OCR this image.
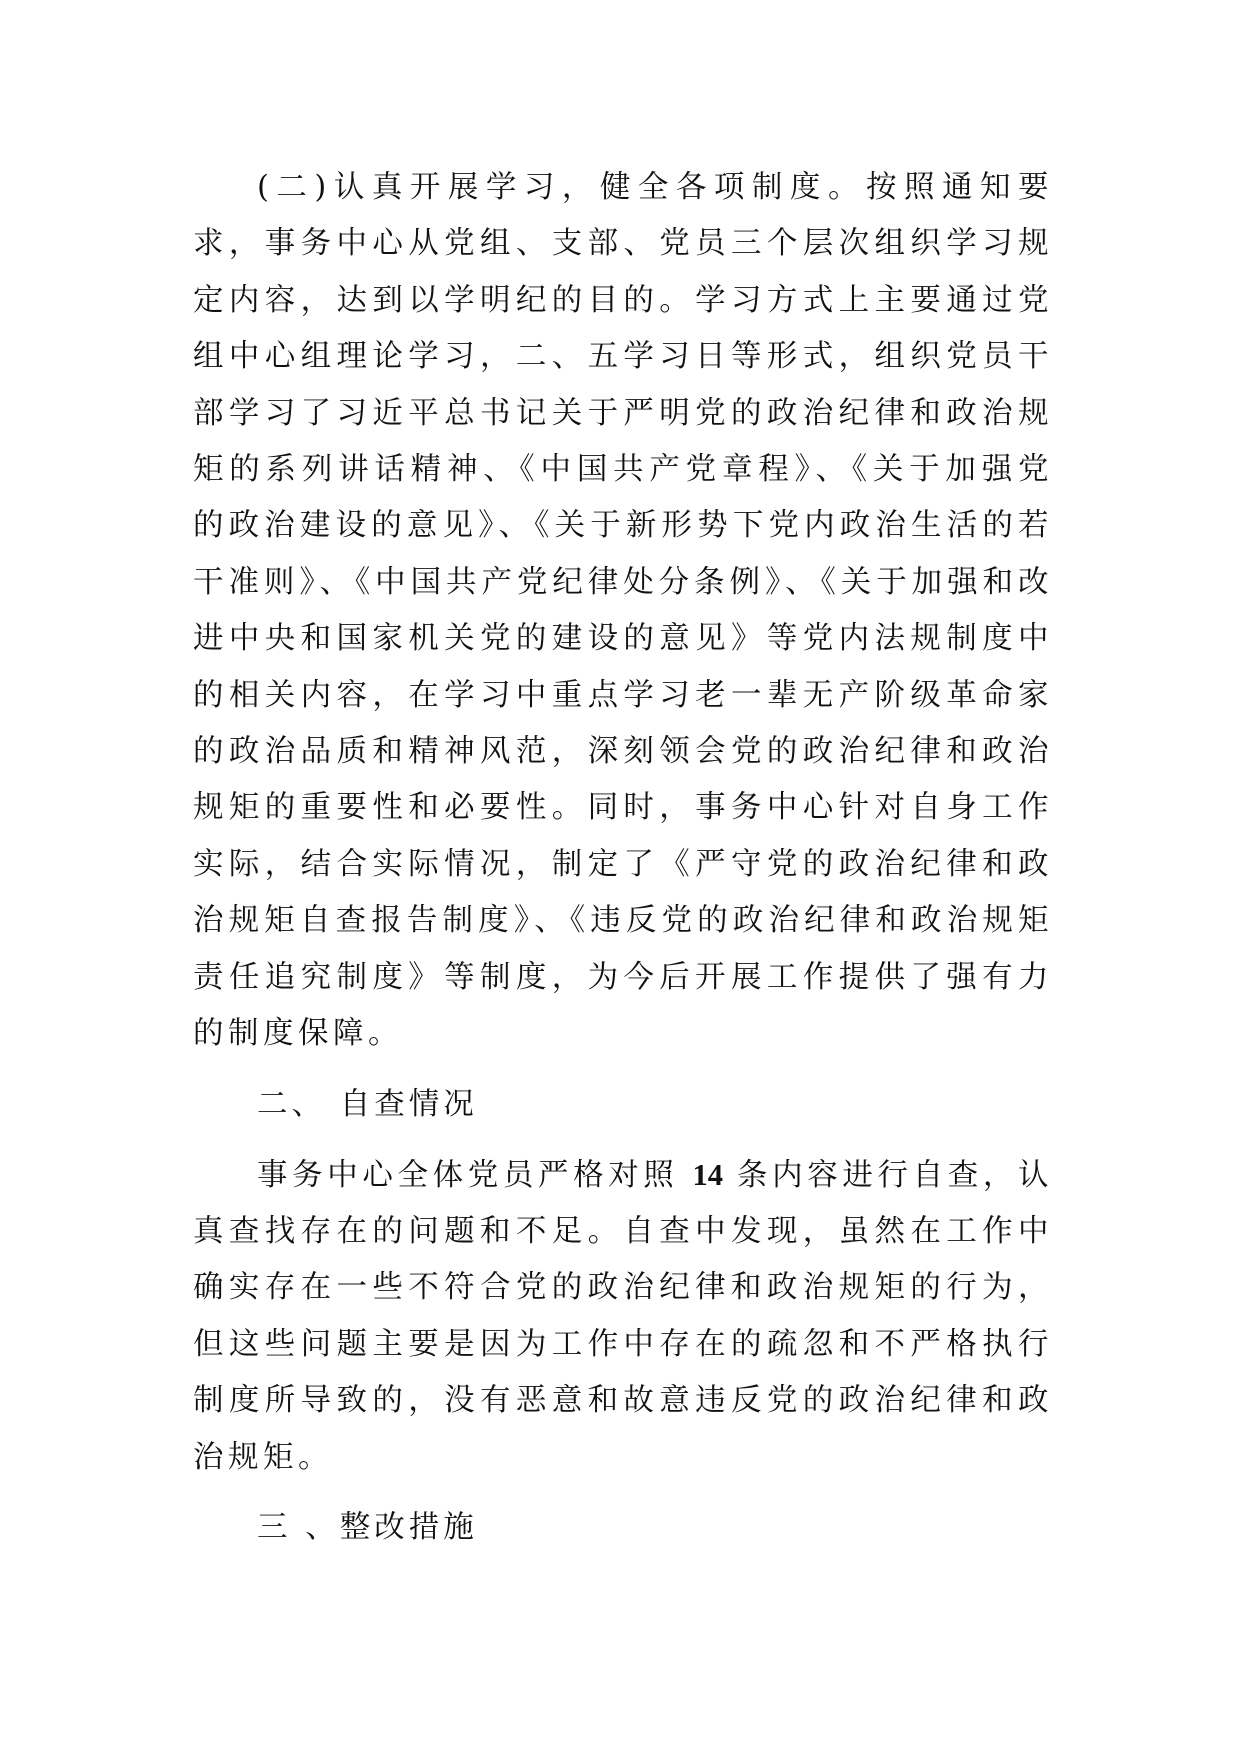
(二)认真开展学习，健全各项制度。按照通知要求，事务中心从党组、支部、党员三个层次组织学习规定内容，达到以学明纪的目的。学习方式上主要通过党组中心组理论学习，二、五学习日等形式，组织党员干部学习了习近平总书记关于严明党的政治纪律和政治规矩的系列讲话精神、《中国共产党章程》、《关于加强党的政治建设的意见》、《关于新形势下党内政治生活的若干准则》、《中国共产党纪律处分条例》、《关于加强和改进中央和国家机关党的建设的意见》等党内法规制度中的相关内容，在学习中重点学习老一辈无产阶级革命家的政治品质和精神风范，深刻领会党的政治纪律和政治规矩的重要性和必要性。同时，事务中心针对自身工作实际，结合实际情况，制定了《严守党的政治纪律和政治规矩自查报告制度》、《违反党的政治纪律和政治规矩责任追究制度》等制度，为今后开展工作提供了强有力的制度保障。

二、 自查情况

事务中心全体党员严格对照 14 条内容进行自查，认真查找存在的问题和不足。自查中发现，虽然在工作中确实存在一些不符合党的政治纪律和政治规矩的行为，但这些问题主要是因为工作中存在的疏忽和不严格执行制度所导致的，没有恶意和故意违反党的政治纪律和政治规矩。

三 、整改措施
